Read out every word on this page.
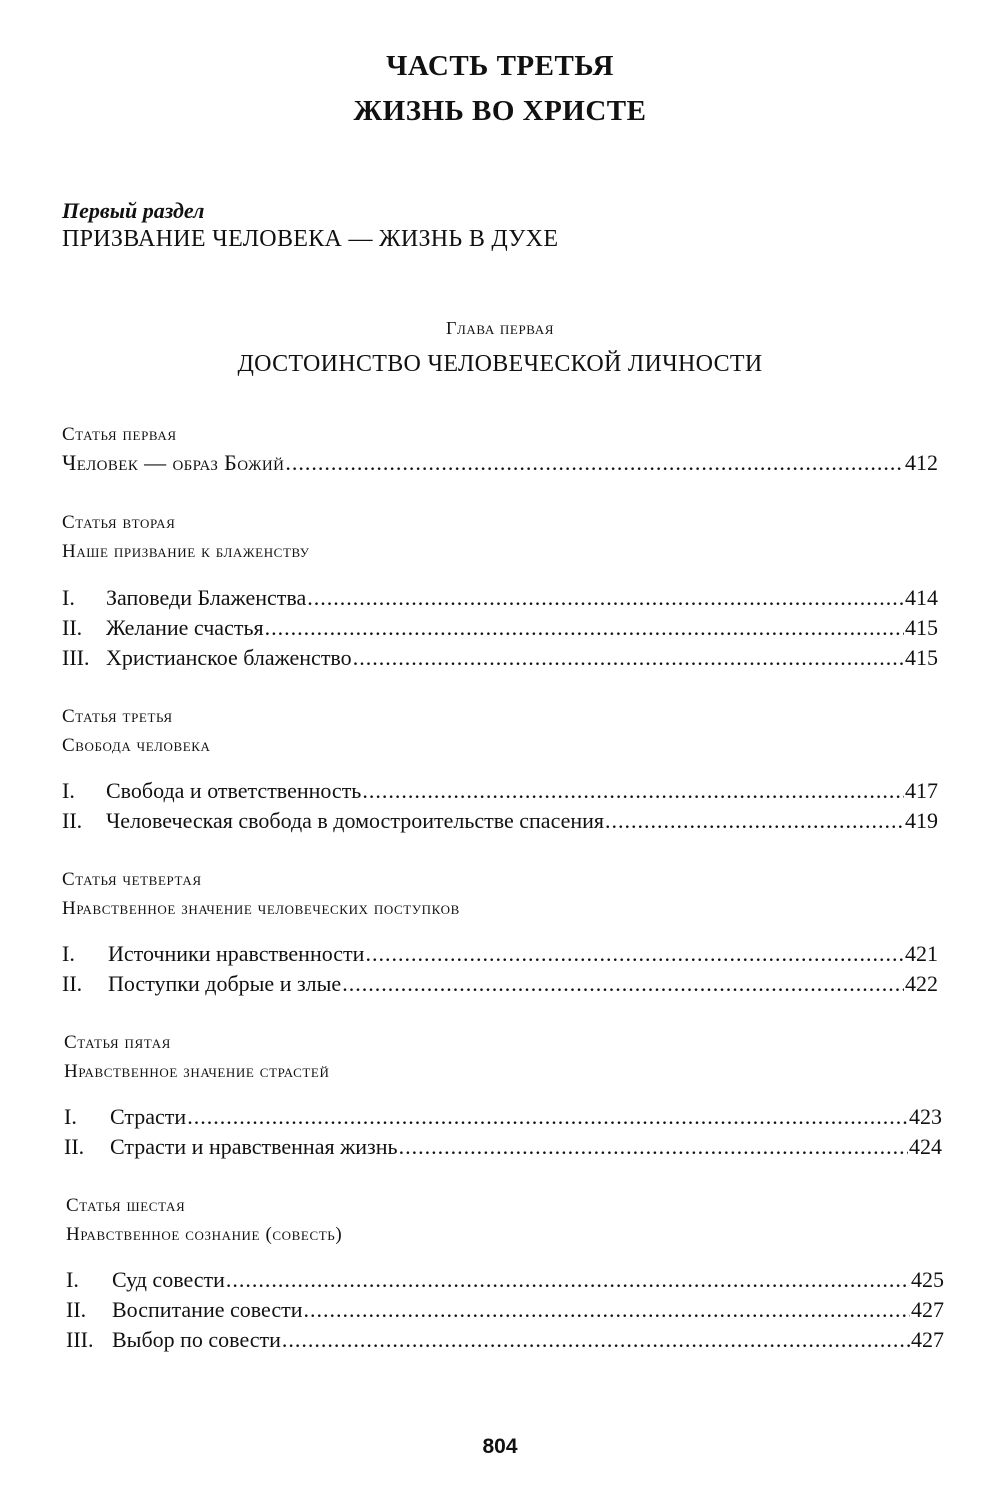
ЧАСТЬ ТРЕТЬЯ
ЖИЗНЬ ВО ХРИСТЕ
Первый раздел
ПРИЗВАНИЕ ЧЕЛОВЕКА — ЖИЗНЬ В ДУХЕ
Глава первая
ДОСТОИНСТВО ЧЕЛОВЕЧЕСКОЙ ЛИЧНОСТИ
Статья первая
Человек — образ Божий .....	412
Статья вторая
Наше призвание к блаженству
I.	Заповеди Блаженства .....	414
II.	Желание счастья .....	415
III. Христианское блаженство .....	415
Статья третья
Свобода человека
I.	Свобода и ответственность .....	417
II.	Человеческая свобода в домостроительстве спасения .....	419
Статья четвертая
Нравственное значение человеческих поступков
I.	Источники нравственности .....	421
II.	Поступки добрые и злые .....	422
Статья пятая
Нравственное значение страстей
I.	Страсти .....	423
II.	Страсти и нравственная жизнь .....	424
Статья шестая
Нравственное сознание (совесть)
I.	Суд совести .....	425
II.	Воспитание совести .....	427
III. Выбор по совести .....	427
804
